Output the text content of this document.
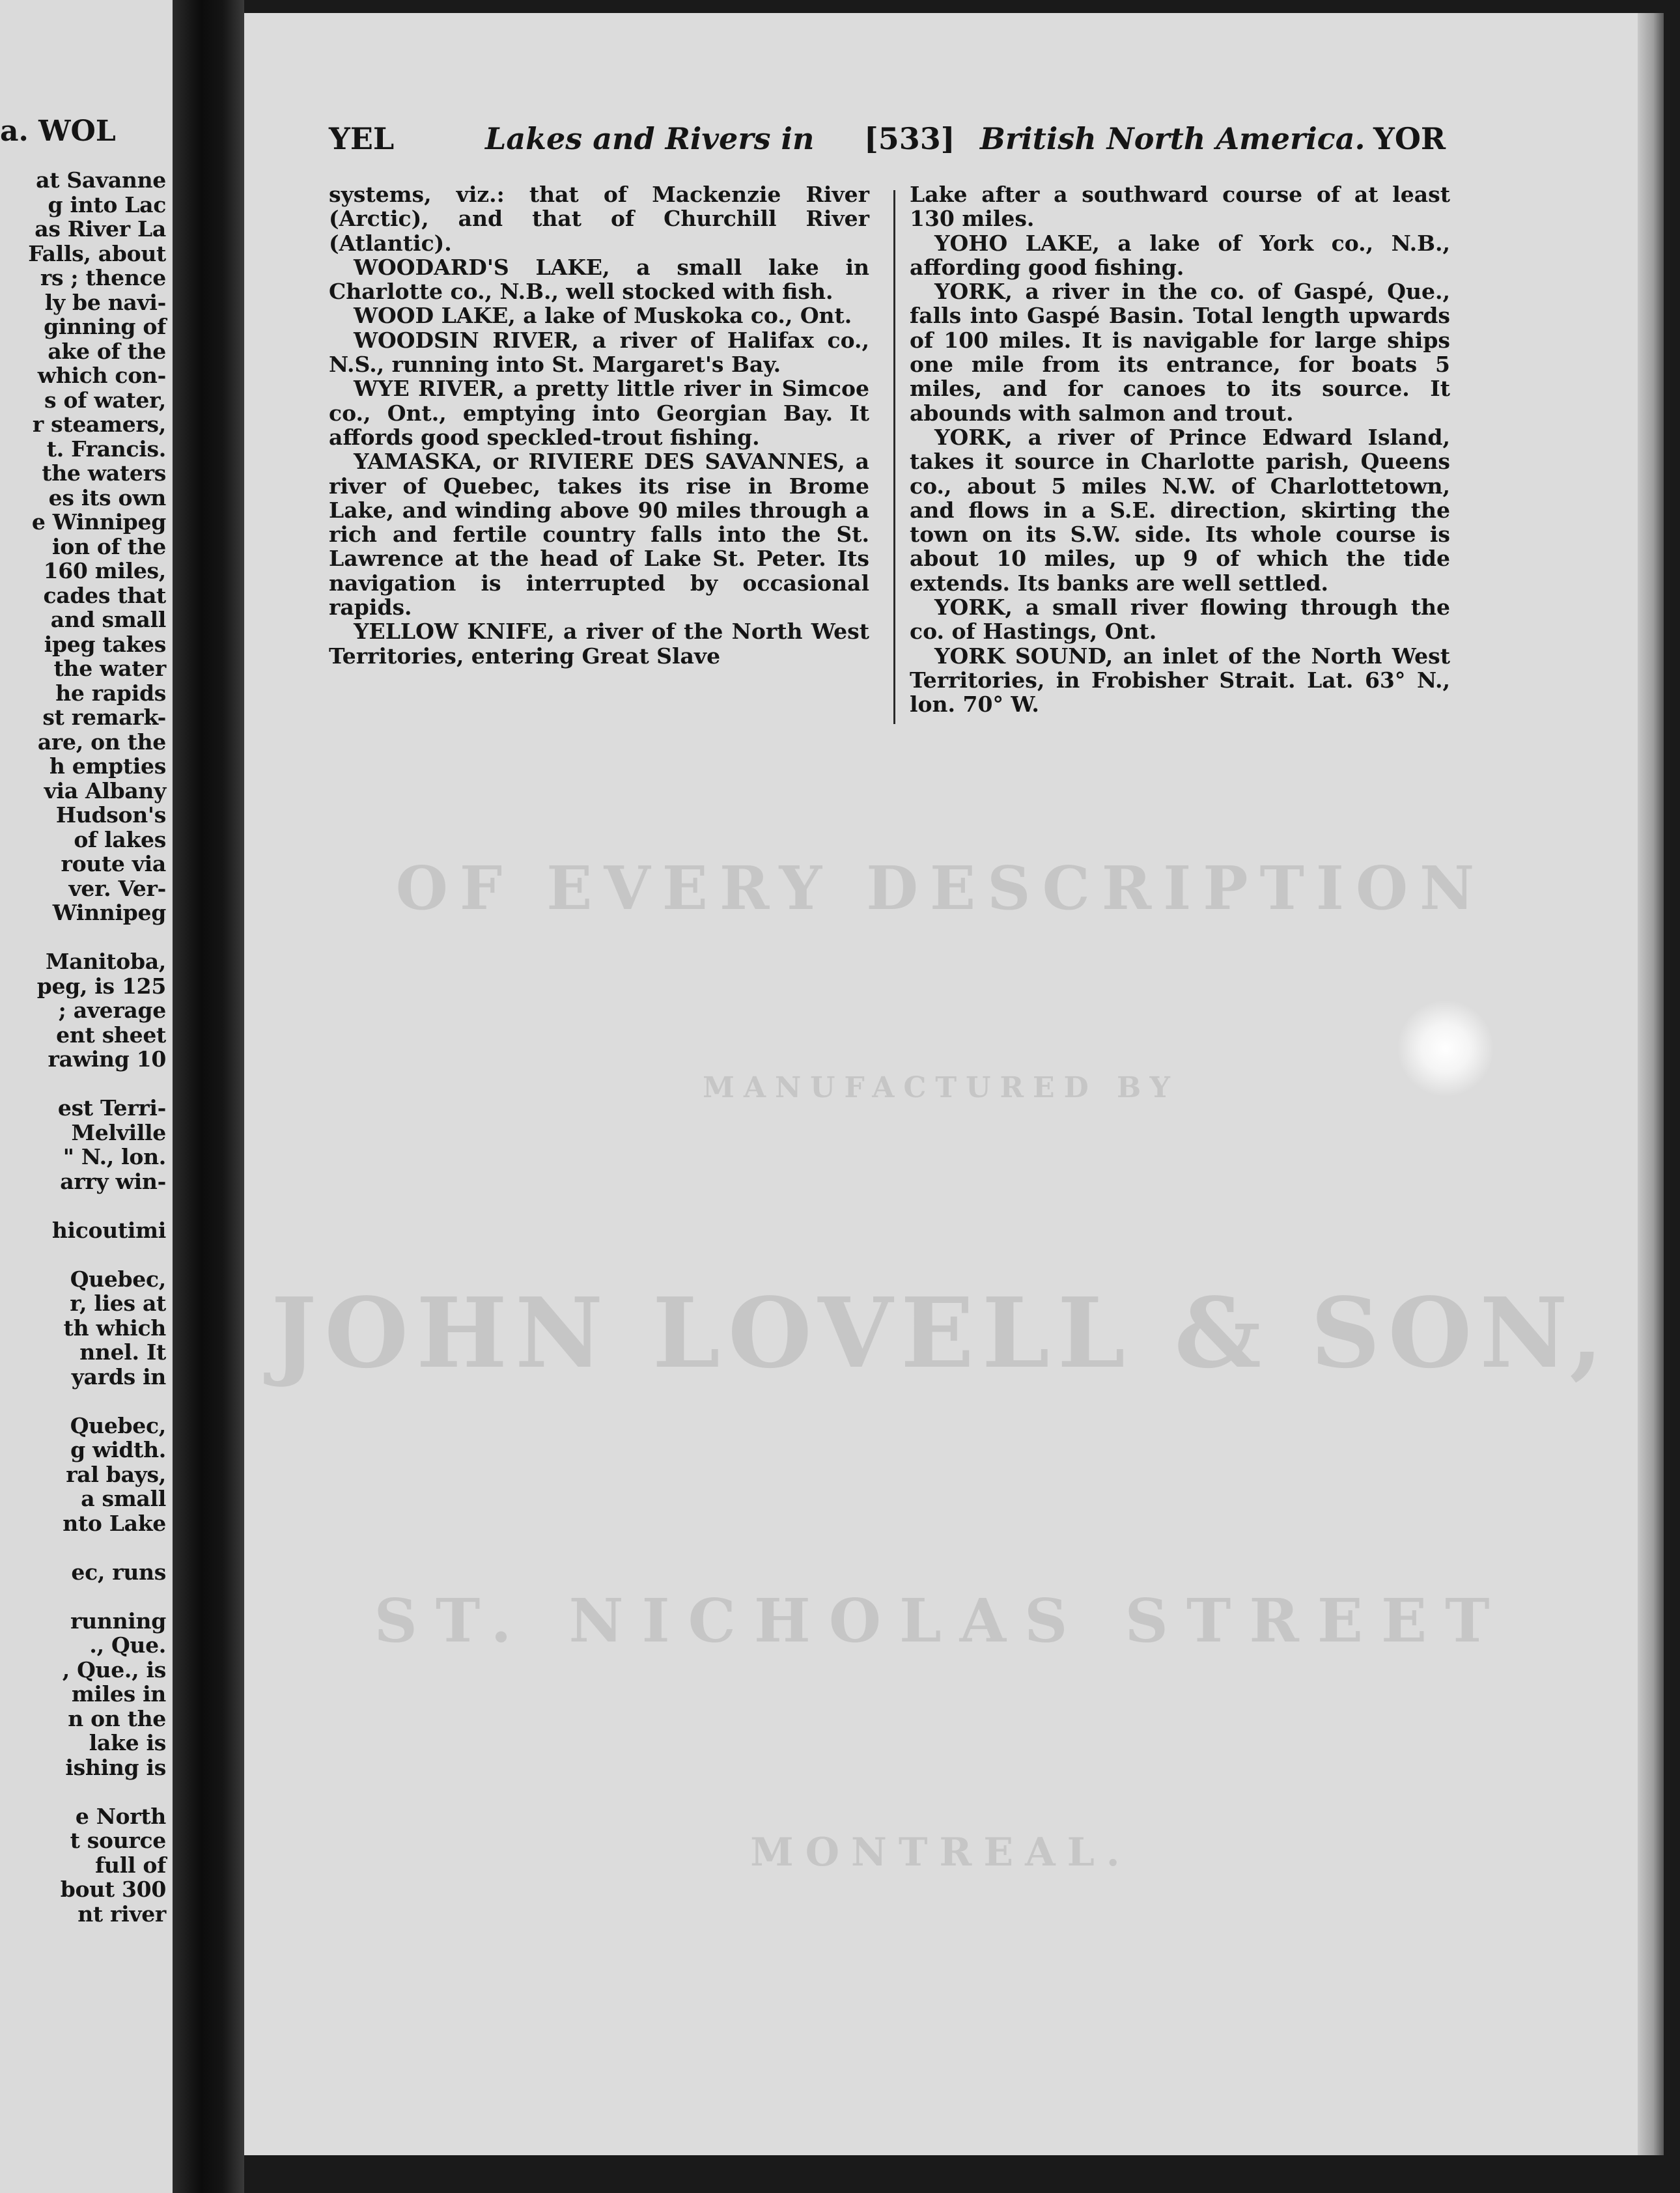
a. WOL
at Savanne
g into Lac
as River La
Falls, about
rs ; thence
ly be navi-
ginning of
ake of the
which con-
s of water,
r steamers,
t. Francis.
the waters
es its own
e Winnipeg
ion of the
160 miles,
cades that
and small
ipeg takes
the water
he rapids
st remark-
are, on the
h empties
via Albany
Hudson's
of lakes
route via
ver. Ver-
Winnipeg
Manitoba,
peg, is 125
; average
ent sheet
rawing 10
est Terri-
Melville
" N., lon.
arry win-
hicoutimi
Quebec,
r, lies at
th which
nnel. It
yards in
Quebec,
g width.
ral bays,
a small
nto Lake
ec, runs
running
., Que.
, Que., is
miles in
n on the
lake is
ishing is
e North
t source
full of
bout 300
nt river
YEL	Lakes and Rivers in [533] British North America. YOR

systems, viz.: that of Mackenzie River (Arctic), and that of Churchill River (Atlantic).

WOODARD'S LAKE, a small lake in Charlotte co., N.B., well stocked with fish.

WOOD LAKE, a lake of Muskoka co., Ont.

WOODSIN RIVER, a river of Halifax co., N.S., running into St. Margaret's Bay.

WYE RIVER, a pretty little river in Simcoe co., Ont., emptying into Georgian Bay. It affords good speckled-trout fishing.

YAMASKA, or RIVIERE DES SAVANNES, a river of Quebec, takes its rise in Brome Lake, and winding above 90 miles through a rich and fertile country falls into the St. Lawrence at the head of Lake St. Peter. Its navigation is interrupted by occasional rapids.

YELLOW KNIFE, a river of the North West Territories, entering Great Slave

Lake after a southward course of at least 130 miles.

YOHO LAKE, a lake of York co., N.B., affording good fishing.

YORK, a river in the co. of Gaspé, Que., falls into Gaspé Basin. Total length upwards of 100 miles. It is navigable for large ships one mile from its entrance, for boats 5 miles, and for canoes to its source. It abounds with salmon and trout.

YORK, a river of Prince Edward Island, takes it source in Charlotte parish, Queens co., about 5 miles N.W. of Charlottetown, and flows in a S.E. direction, skirting the town on its S.W. side. Its whole course is about 10 miles, up 9 of which the tide extends. Its banks are well settled.

YORK, a small river flowing through the co. of Hastings, Ont.

YORK SOUND, an inlet of the North West Territories, in Frobisher Strait. Lat. 63° N., lon. 70° W.

OF EVERY DESCRIPTION
MANUFACTURED BY
JOHN LOVELL & SON,
ST. NICHOLAS STREET
MONTREAL.
